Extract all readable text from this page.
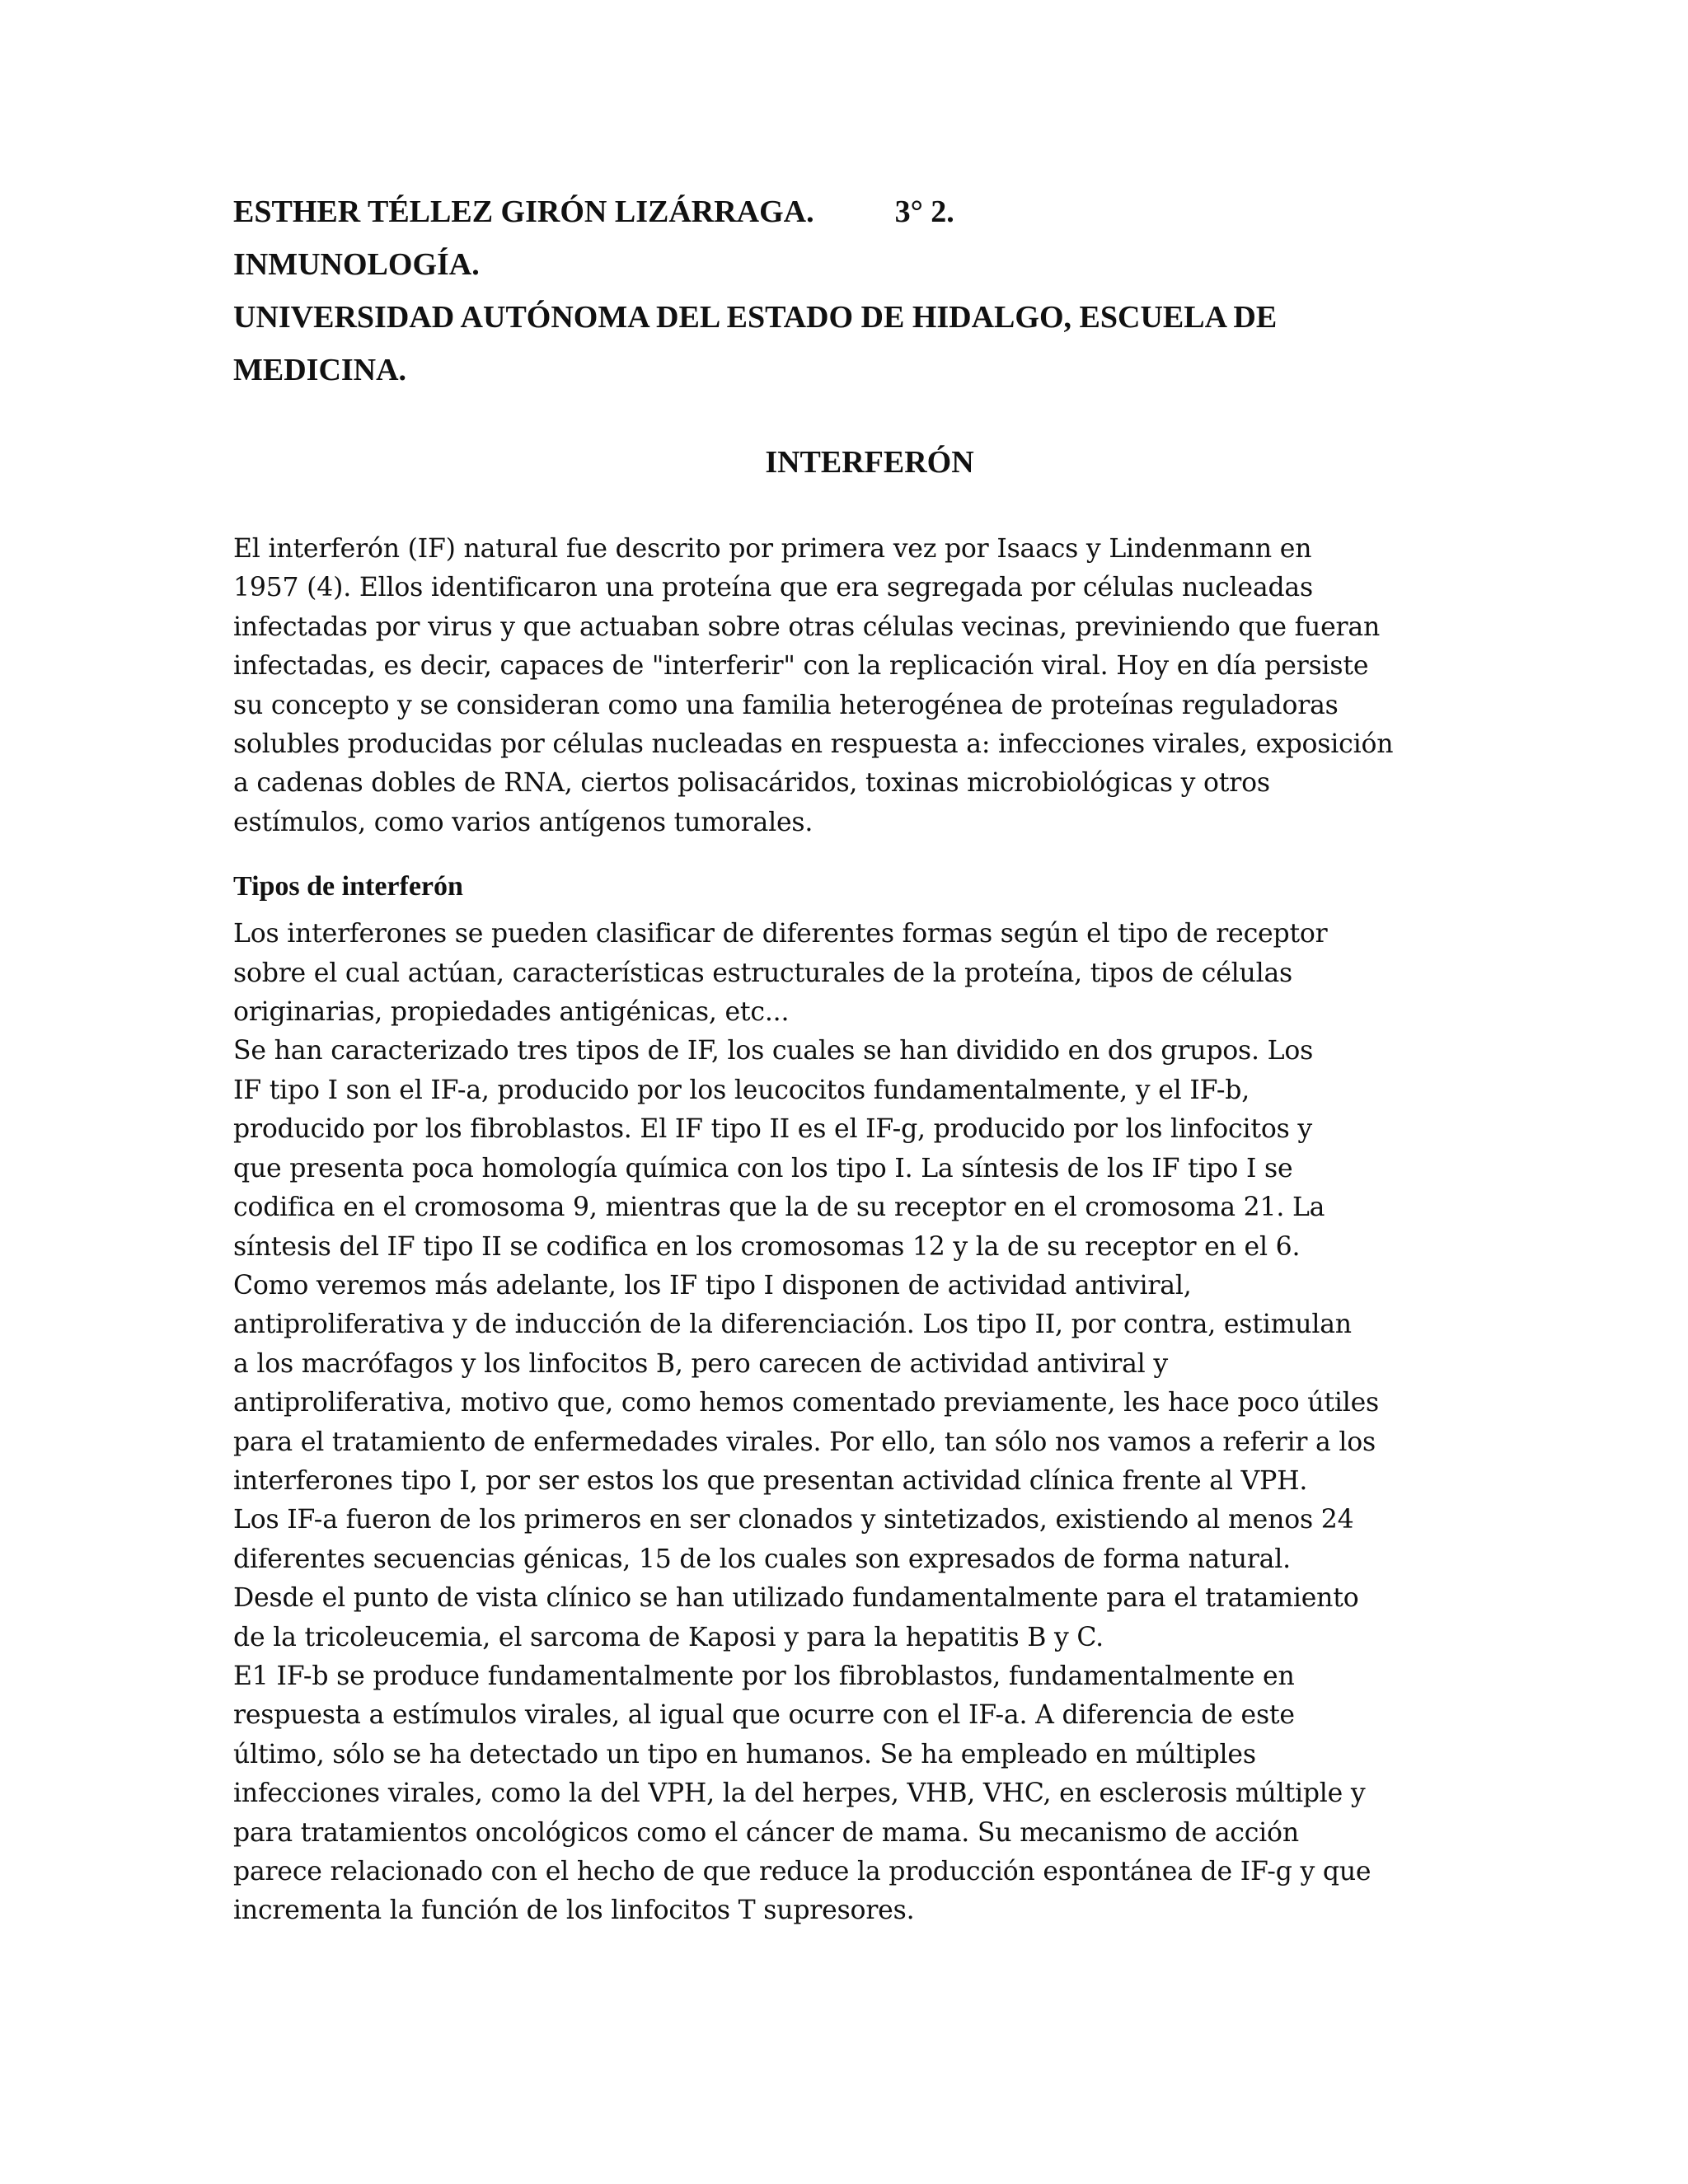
ESTHER TÉLLEZ GIRÓN LIZÁRRAGA.	3° 2.

INMUNOLOGÍA.

UNIVERSIDAD AUTÓNOMA DEL ESTADO DE HIDALGO, ESCUELA DE

MEDICINA.

INTERFERÓN
El interferón (IF) natural fue descrito por primera vez por Isaacs y Lindenmann en
1957 (4). Ellos identificaron una proteína que era segregada por células nucleadas
infectadas por virus y que actuaban sobre otras células vecinas, previniendo que fueran
infectadas, es decir, capaces de "interferir" con la replicación viral. Hoy en día persiste
su concepto y se consideran como una familia heterogénea de proteínas reguladoras
solubles producidas por células nucleadas en respuesta a: infecciones virales, exposición
a cadenas dobles de RNA, ciertos polisacáridos, toxinas microbiológicas y otros
estímulos, como varios antígenos tumorales.
Tipos de interferón
Los interferones se pueden clasificar de diferentes formas según el tipo de receptor
sobre el cual actúan, características estructurales de la proteína, tipos de células
originarias, propiedades antigénicas, etc...
Se han caracterizado tres tipos de IF, los cuales se han dividido en dos grupos. Los
IF tipo I son el IF-a, producido por los leucocitos fundamentalmente, y el IF-b,
producido por los fibroblastos. El IF tipo II es el IF-g, producido por los linfocitos y
que presenta poca homología química con los tipo I. La síntesis de los IF tipo I se
codifica en el cromosoma 9, mientras que la de su receptor en el cromosoma 21. La
síntesis del IF tipo II se codifica en los cromosomas 12 y la de su receptor en el 6.
Como veremos más adelante, los IF tipo I disponen de actividad antiviral,
antiproliferativa y de inducción de la diferenciación. Los tipo II, por contra, estimulan
a los macrófagos y los linfocitos B, pero carecen de actividad antiviral y
antiproliferativa, motivo que, como hemos comentado previamente, les hace poco útiles
para el tratamiento de enfermedades virales. Por ello, tan sólo nos vamos a referir a los
interferones tipo I, por ser estos los que presentan actividad clínica frente al VPH.
Los IF-a fueron de los primeros en ser clonados y sintetizados, existiendo al menos 24
diferentes secuencias génicas, 15 de los cuales son expresados de forma natural.
Desde el punto de vista clínico se han utilizado fundamentalmente para el tratamiento
de la tricoleucemia, el sarcoma de Kaposi y para la hepatitis B y C.
E1 IF-b se produce fundamentalmente por los fibroblastos, fundamentalmente en
respuesta a estímulos virales, al igual que ocurre con el IF-a. A diferencia de este
último, sólo se ha detectado un tipo en humanos. Se ha empleado en múltiples
infecciones virales, como la del VPH, la del herpes, VHB, VHC, en esclerosis múltiple y
para tratamientos oncológicos como el cáncer de mama. Su mecanismo de acción
parece relacionado con el hecho de que reduce la producción espontánea de IF-g y que
incrementa la función de los linfocitos T supresores.
